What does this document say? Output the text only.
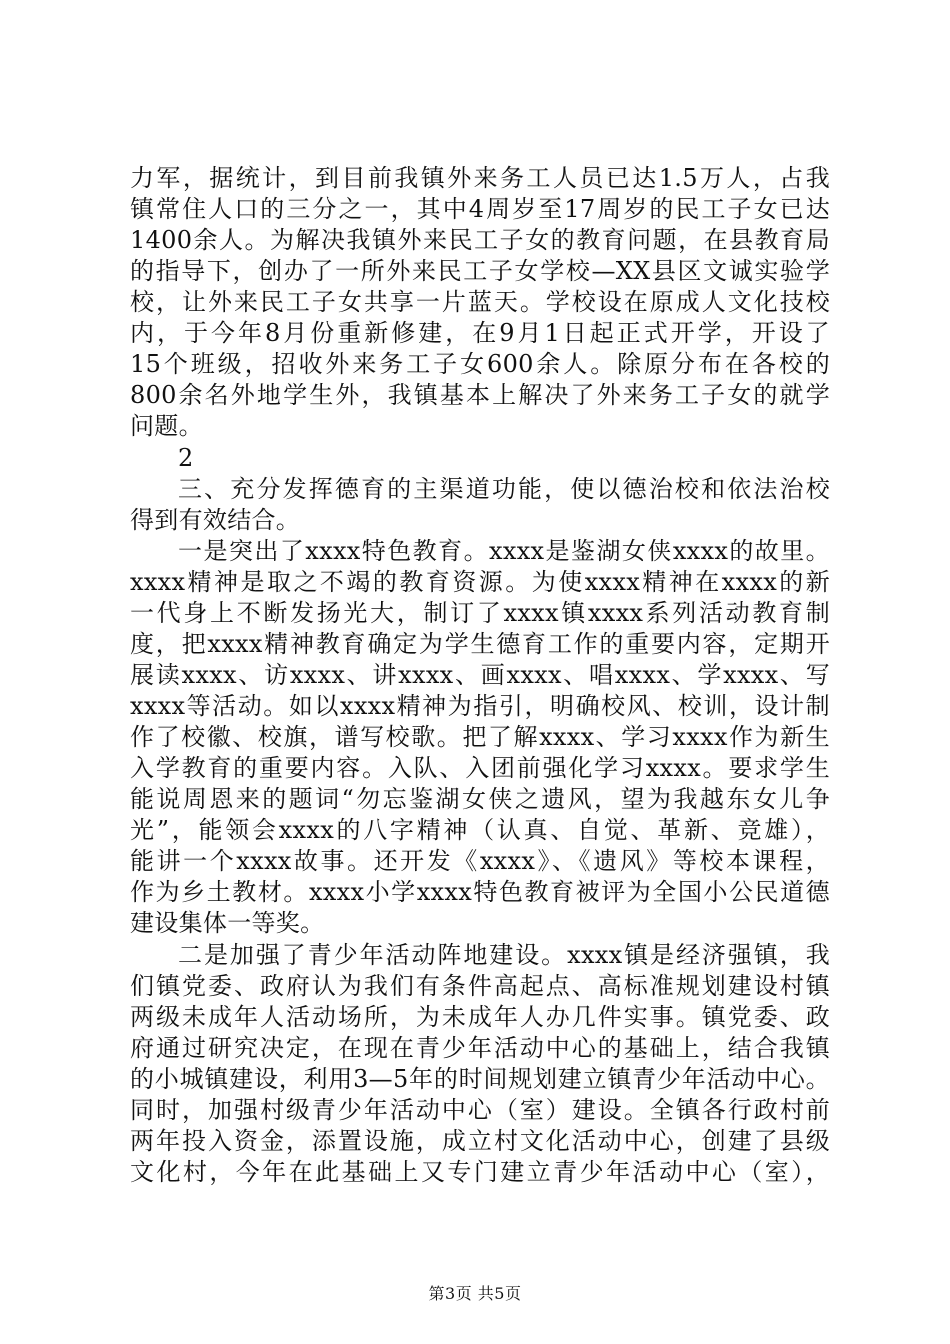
力军，据统计，到目前我镇外来务工人员已达1.5万人，占我
镇常住人口的三分之一，其中4周岁至17周岁的民工子女已达
1400余人。为解决我镇外来民工子女的教育问题，在县教育局
的指导下，创办了一所外来民工子女学校—XX县区文诚实验学
校，让外来民工子女共享一片蓝天。学校设在原成人文化技校
内，于今年8月份重新修建，在9月1日起正式开学，开设了
15个班级，招收外来务工子女600余人。除原分布在各校的
800余名外地学生外，我镇基本上解决了外来务工子女的就学
问题。
2
三、充分发挥德育的主渠道功能，使以德治校和依法治校
得到有效结合。
一是突出了xxxx特色教育。xxxx是鉴湖女侠xxxx的故里。
xxxx精神是取之不竭的教育资源。为使xxxx精神在xxxx的新
一代身上不断发扬光大，制订了xxxx镇xxxx系列活动教育制
度，把xxxx精神教育确定为学生德育工作的重要内容，定期开
展读xxxx、访xxxx、讲xxxx、画xxxx、唱xxxx、学xxxx、写
xxxx等活动。如以xxxx精神为指引，明确校风、校训，设计制
作了校徽、校旗，谱写校歌。把了解xxxx、学习xxxx作为新生
入学教育的重要内容。入队、入团前强化学习xxxx。要求学生
能说周恩来的题词“勿忘鉴湖女侠之遗风，望为我越东女儿争
光”，能领会xxxx的八字精神（认真、自觉、革新、竞雄），
能讲一个xxxx故事。还开发《xxxx》、《遗风》等校本课程，
作为乡土教材。xxxx小学xxxx特色教育被评为全国小公民道德
建设集体一等奖。
二是加强了青少年活动阵地建设。xxxx镇是经济强镇，我
们镇党委、政府认为我们有条件高起点、高标准规划建设村镇
两级未成年人活动场所，为未成年人办几件实事。镇党委、政
府通过研究决定，在现在青少年活动中心的基础上，结合我镇
的小城镇建设，利用3—5年的时间规划建立镇青少年活动中心。
同时，加强村级青少年活动中心（室）建设。全镇各行政村前
两年投入资金，添置设施，成立村文化活动中心，创建了县级
文化村，今年在此基础上又专门建立青少年活动中心（室），
第3页 共5页
